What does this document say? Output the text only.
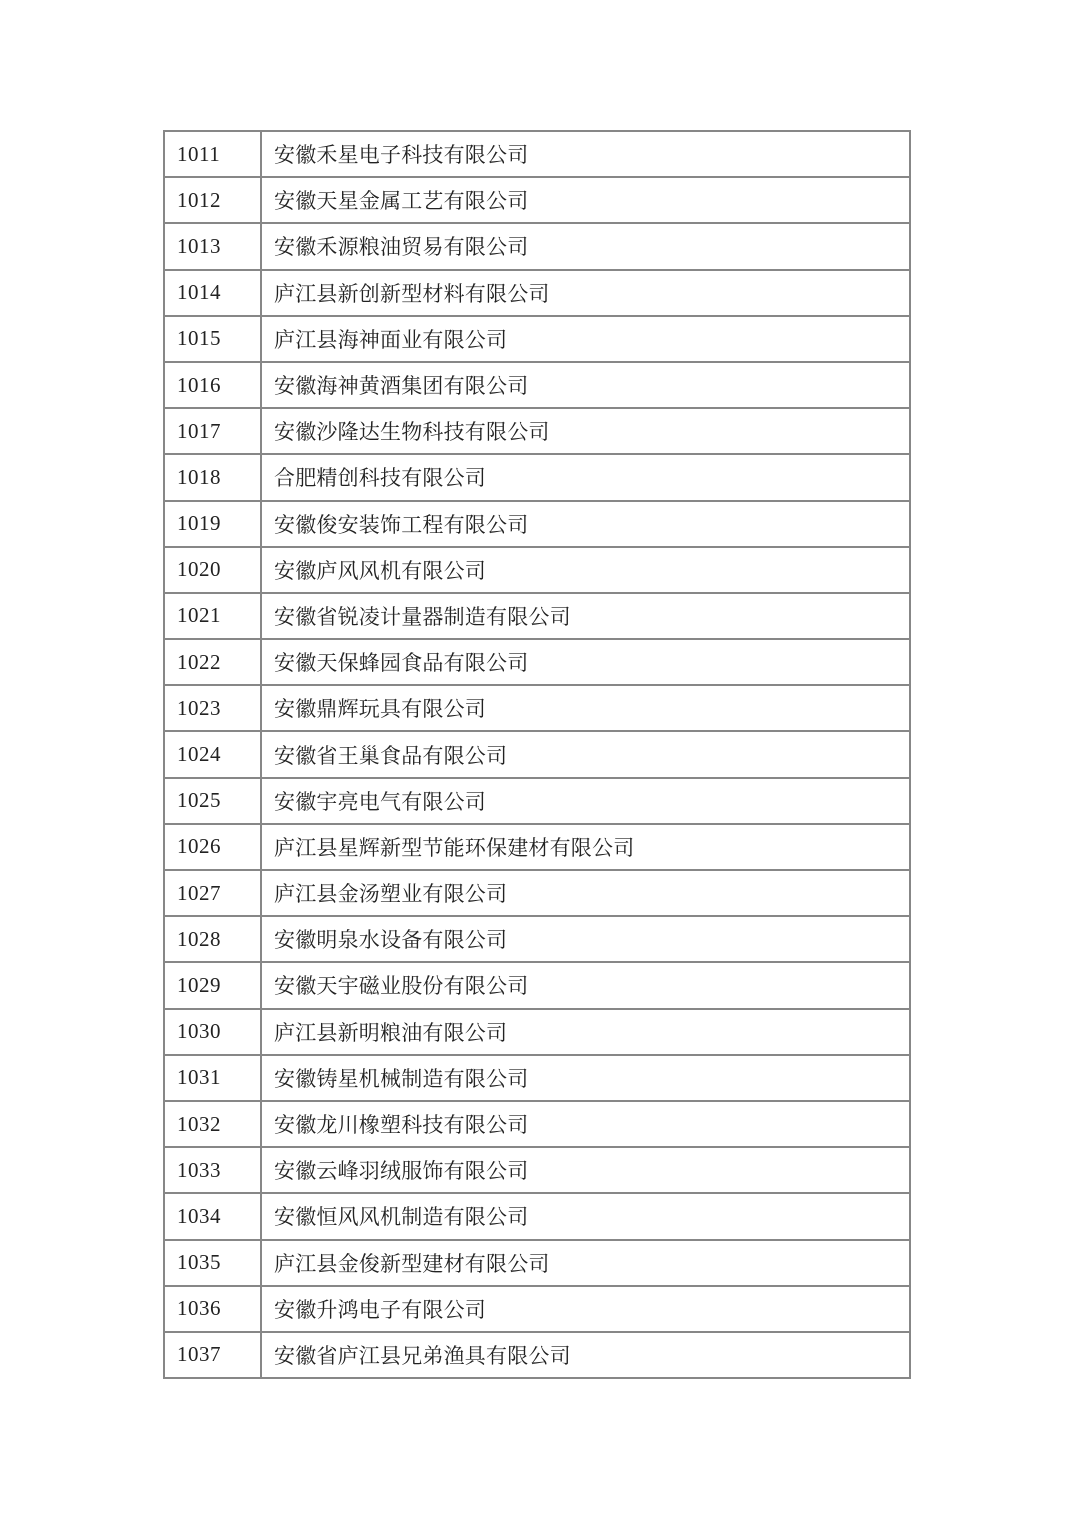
1011	安徽禾星电子科技有限公司
1012	安徽天星金属工艺有限公司
1013	安徽禾源粮油贸易有限公司
1014	庐江县新创新型材料有限公司
1015	庐江县海神面业有限公司
1016	安徽海神黄酒集团有限公司
1017	安徽沙隆达生物科技有限公司
1018	合肥精创科技有限公司
1019	安徽俊安装饰工程有限公司
1020	安徽庐风风机有限公司
1021	安徽省锐凌计量器制造有限公司
1022	安徽天保蜂园食品有限公司
1023	安徽鼎辉玩具有限公司
1024	安徽省王巢食品有限公司
1025	安徽宇亮电气有限公司
1026	庐江县星辉新型节能环保建材有限公司
1027	庐江县金汤塑业有限公司
1028	安徽明泉水设备有限公司
1029	安徽天宇磁业股份有限公司
1030	庐江县新明粮油有限公司
1031	安徽铸星机械制造有限公司
1032	安徽龙川橡塑科技有限公司
1033	安徽云峰羽绒服饰有限公司
1034	安徽恒风风机制造有限公司
1035	庐江县金俊新型建材有限公司
1036	安徽升鸿电子有限公司
1037	安徽省庐江县兄弟渔具有限公司
